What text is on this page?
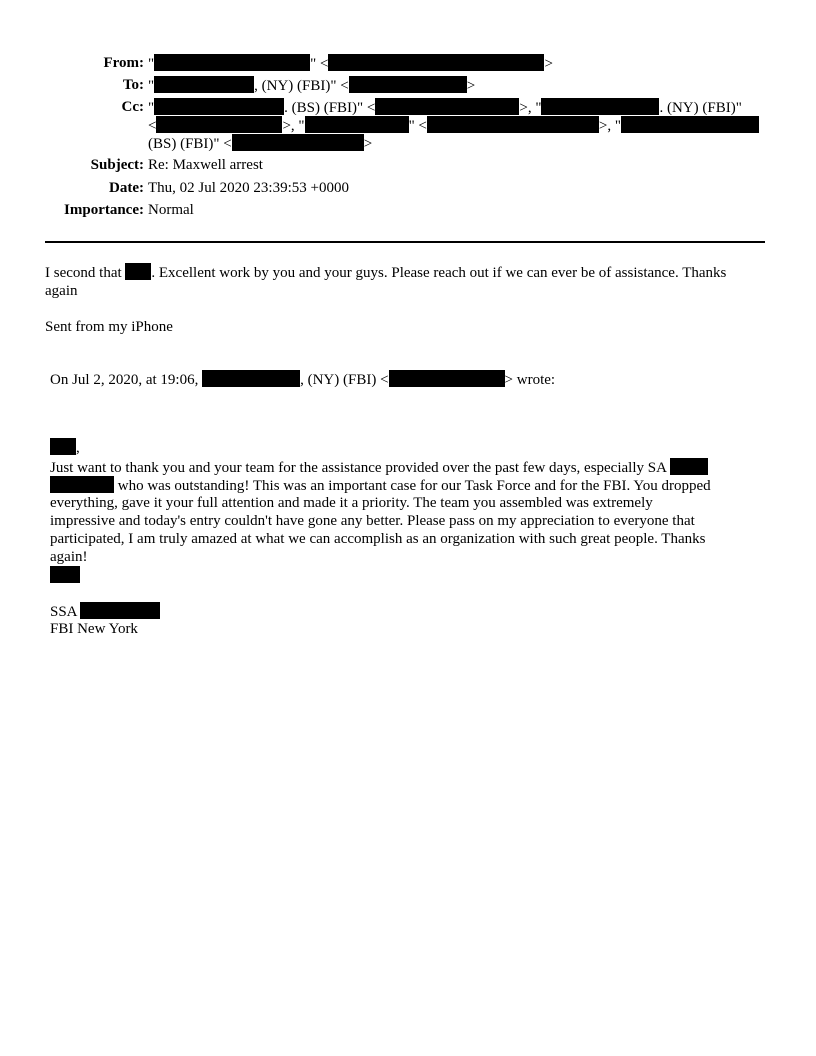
From: "	" <	>
To: "	, (NY) (FBI)" <	>
Cc: "	. (BS) (FBI)" <	>, "	. (NY) (FBI)"
<	>, "	" <	>, "
(BS) (FBI)" <	>
Subject: Re: Maxwell arrest
Date: Thu, 02 Jul 2020 23:39:53 +0000
Importance: Normal
I second that . Excellent work by you and your guys. Please reach out if we can ever be of assistance. Thanks
again
Sent from my iPhone
On Jul 2, 2020, at 19:06,	, (NY) (FBI) <	> wrote:
,
Just want to thank you and your team for the assistance provided over the past few days, especially SA
who was outstanding! This was an important case for our Task Force and for the FBI. You dropped
everything, gave it your full attention and made it a priority. The team you assembled was extremely
impressive and today's entry couldn't have gone any better. Please pass on my appreciation to everyone that
participated, I am truly amazed at what we can accomplish as an organization with such great people. Thanks
again!
SSA
FBI New York
